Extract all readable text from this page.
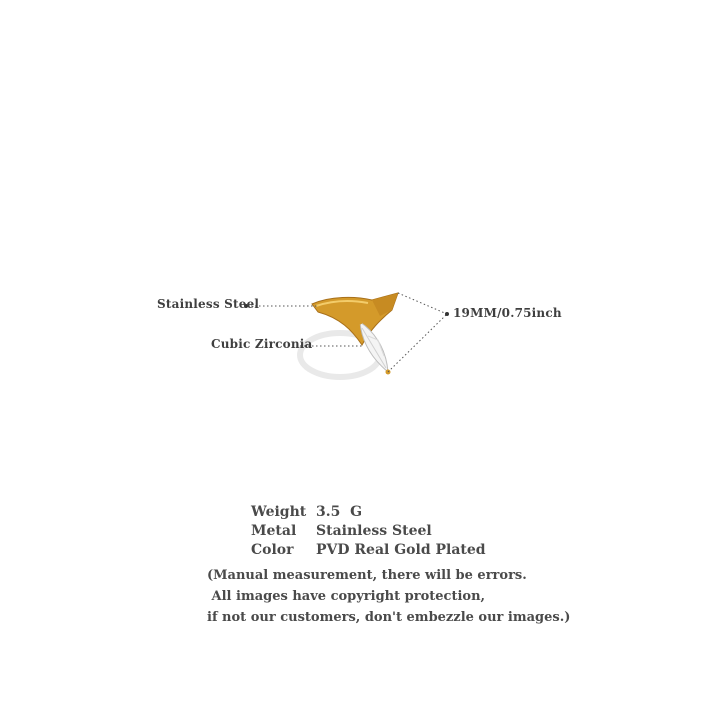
Stainless Steel
Cubic Zirconia
19MM/0.75inch
Weight 3.5  G
Metal	Stainless Steel
Color	PVD Real Gold Plated
(Manual measurement, there will be errors.
All images have copyright protection,
if not our customers, don't embezzle our images.)
